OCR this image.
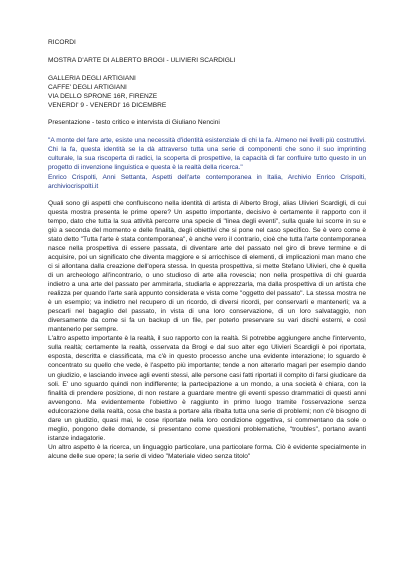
RICORDI
MOSTRA D'ARTE DI ALBERTO BROGI - ULIVIERI SCARDIGLI
GALLERIA DEGLI ARTIGIANI
CAFFE' DEGLI ARTIGIANI
VIA DELLO SPRONE 16R, FIRENZE
VENERDI' 9 - VENERDI' 16 DICEMBRE
Presentazione - testo critico e intervista di Giuliano Nencini

"A monte del fare arte, esiste una necessità d'identità esistenziale di chi la fa. Almeno nei livelli più costruttivi. Chi la fa, questa identità se la dà attraverso tutta una serie di componenti che sono il suo imprinting culturale, la sua riscoperta di radici, la scoperta di prospettive, la capacità di far confluire tutto questo in un progetto di invenzione linguistica e questa è la realtà della ricerca."

Enrico Crispolti, Anni Settanta, Aspetti dell'arte contemporanea in Italia, Archivio Enrico Crispolti, archiviocrispolti.it

Quali sono gli aspetti che confluiscono nella identità di artista di Alberto Brogi, alias Ulivieri Scardigli, di cui questa mostra presenta le prime opere? Un aspetto importante, decisivo è certamente il rapporto con il tempo, dato che tutta la sua attività percorre una specie di "linea degli eventi", sulla quale lui scorre in su e giù a seconda del momento e delle finalità, degli obiettivi che si pone nel caso specifico. Se è vero come è stato detto "Tutta l'arte è stata contemporanea", è anche vero il contrario, cioè che tutta l'arte contemporanea nasce nella prospettiva di essere passata, di diventare arte del passato nel giro di breve termine e di acquisire, poi un significato che diventa maggiore e si arricchisce di elementi, di implicazioni man mano che ci si allontana dalla creazione dell'opera stessa. In questa prospettiva, si mette Stefano Ulivieri, che è quella di un archeologo all'incontrario, o uno studioso di arte alla rovescia; non nella prospettiva di chi guarda indietro a una arte del passato per ammirarla, studiarla e apprezzarla, ma dalla prospettiva di un artista che realizza per quando l'arte sarà appunto considerata e vista come "oggetto del passato". La stessa mostra ne è un esempio; va indietro nel recupero di un ricordo, di diversi ricordi, per conservarli e mantenerli; va a pescarli nel bagaglio del passato, in vista di una loro conservazione, di un loro salvataggio, non diversamente da come si fa un backup di un file, per poterlo preservare su vari dischi esterni, e così mantenerlo per sempre.

L'altro aspetto importante è la realtà, il suo rapporto con la realtà. Si potrebbe aggiungere anche l'intervento, sulla realtà; certamente la realtà, osservata da Brogi e dal suo alter ego Ulivieri Scardigli è poi riportata, esposta, descritta e classificata, ma c'è in questo processo anche una evidente interazione; lo sguardo è concentrato su quello che vede, è l'aspetto più importante; tende a non alterarlo magari per esempio dando un giudizio, e lasciando invece agli eventi stessi, alle persone casi fatti riportati il compito di farsi giudicare da soli. E' uno sguardo quindi non indifferente; la partecipazione a un mondo, a una società è chiara, con la finalità di prendere posizione, di non restare a guardare mentre gli eventi spesso drammatici di questi anni avvengono. Ma evidentemente l'obiettivo è raggiunto in primo luogo tramite l'osservazione senza edulcorazione della realtà, cosa che basta a portare alla ribalta tutta una serie di problemi; non c'è bisogno di dare un giudizio, quasi mai, le cose riportate nella loro condizione oggettiva, si commentano da sole o meglio, pongono delle domande, si presentano come questioni problematiche, "troubles", portano avanti istanze indagatorie.

Un altro aspetto è la ricerca, un linguaggio particolare, una particolare forma. Ciò è evidente specialmente in alcune delle sue opere; la serie di video "Materiale video senza titolo"
